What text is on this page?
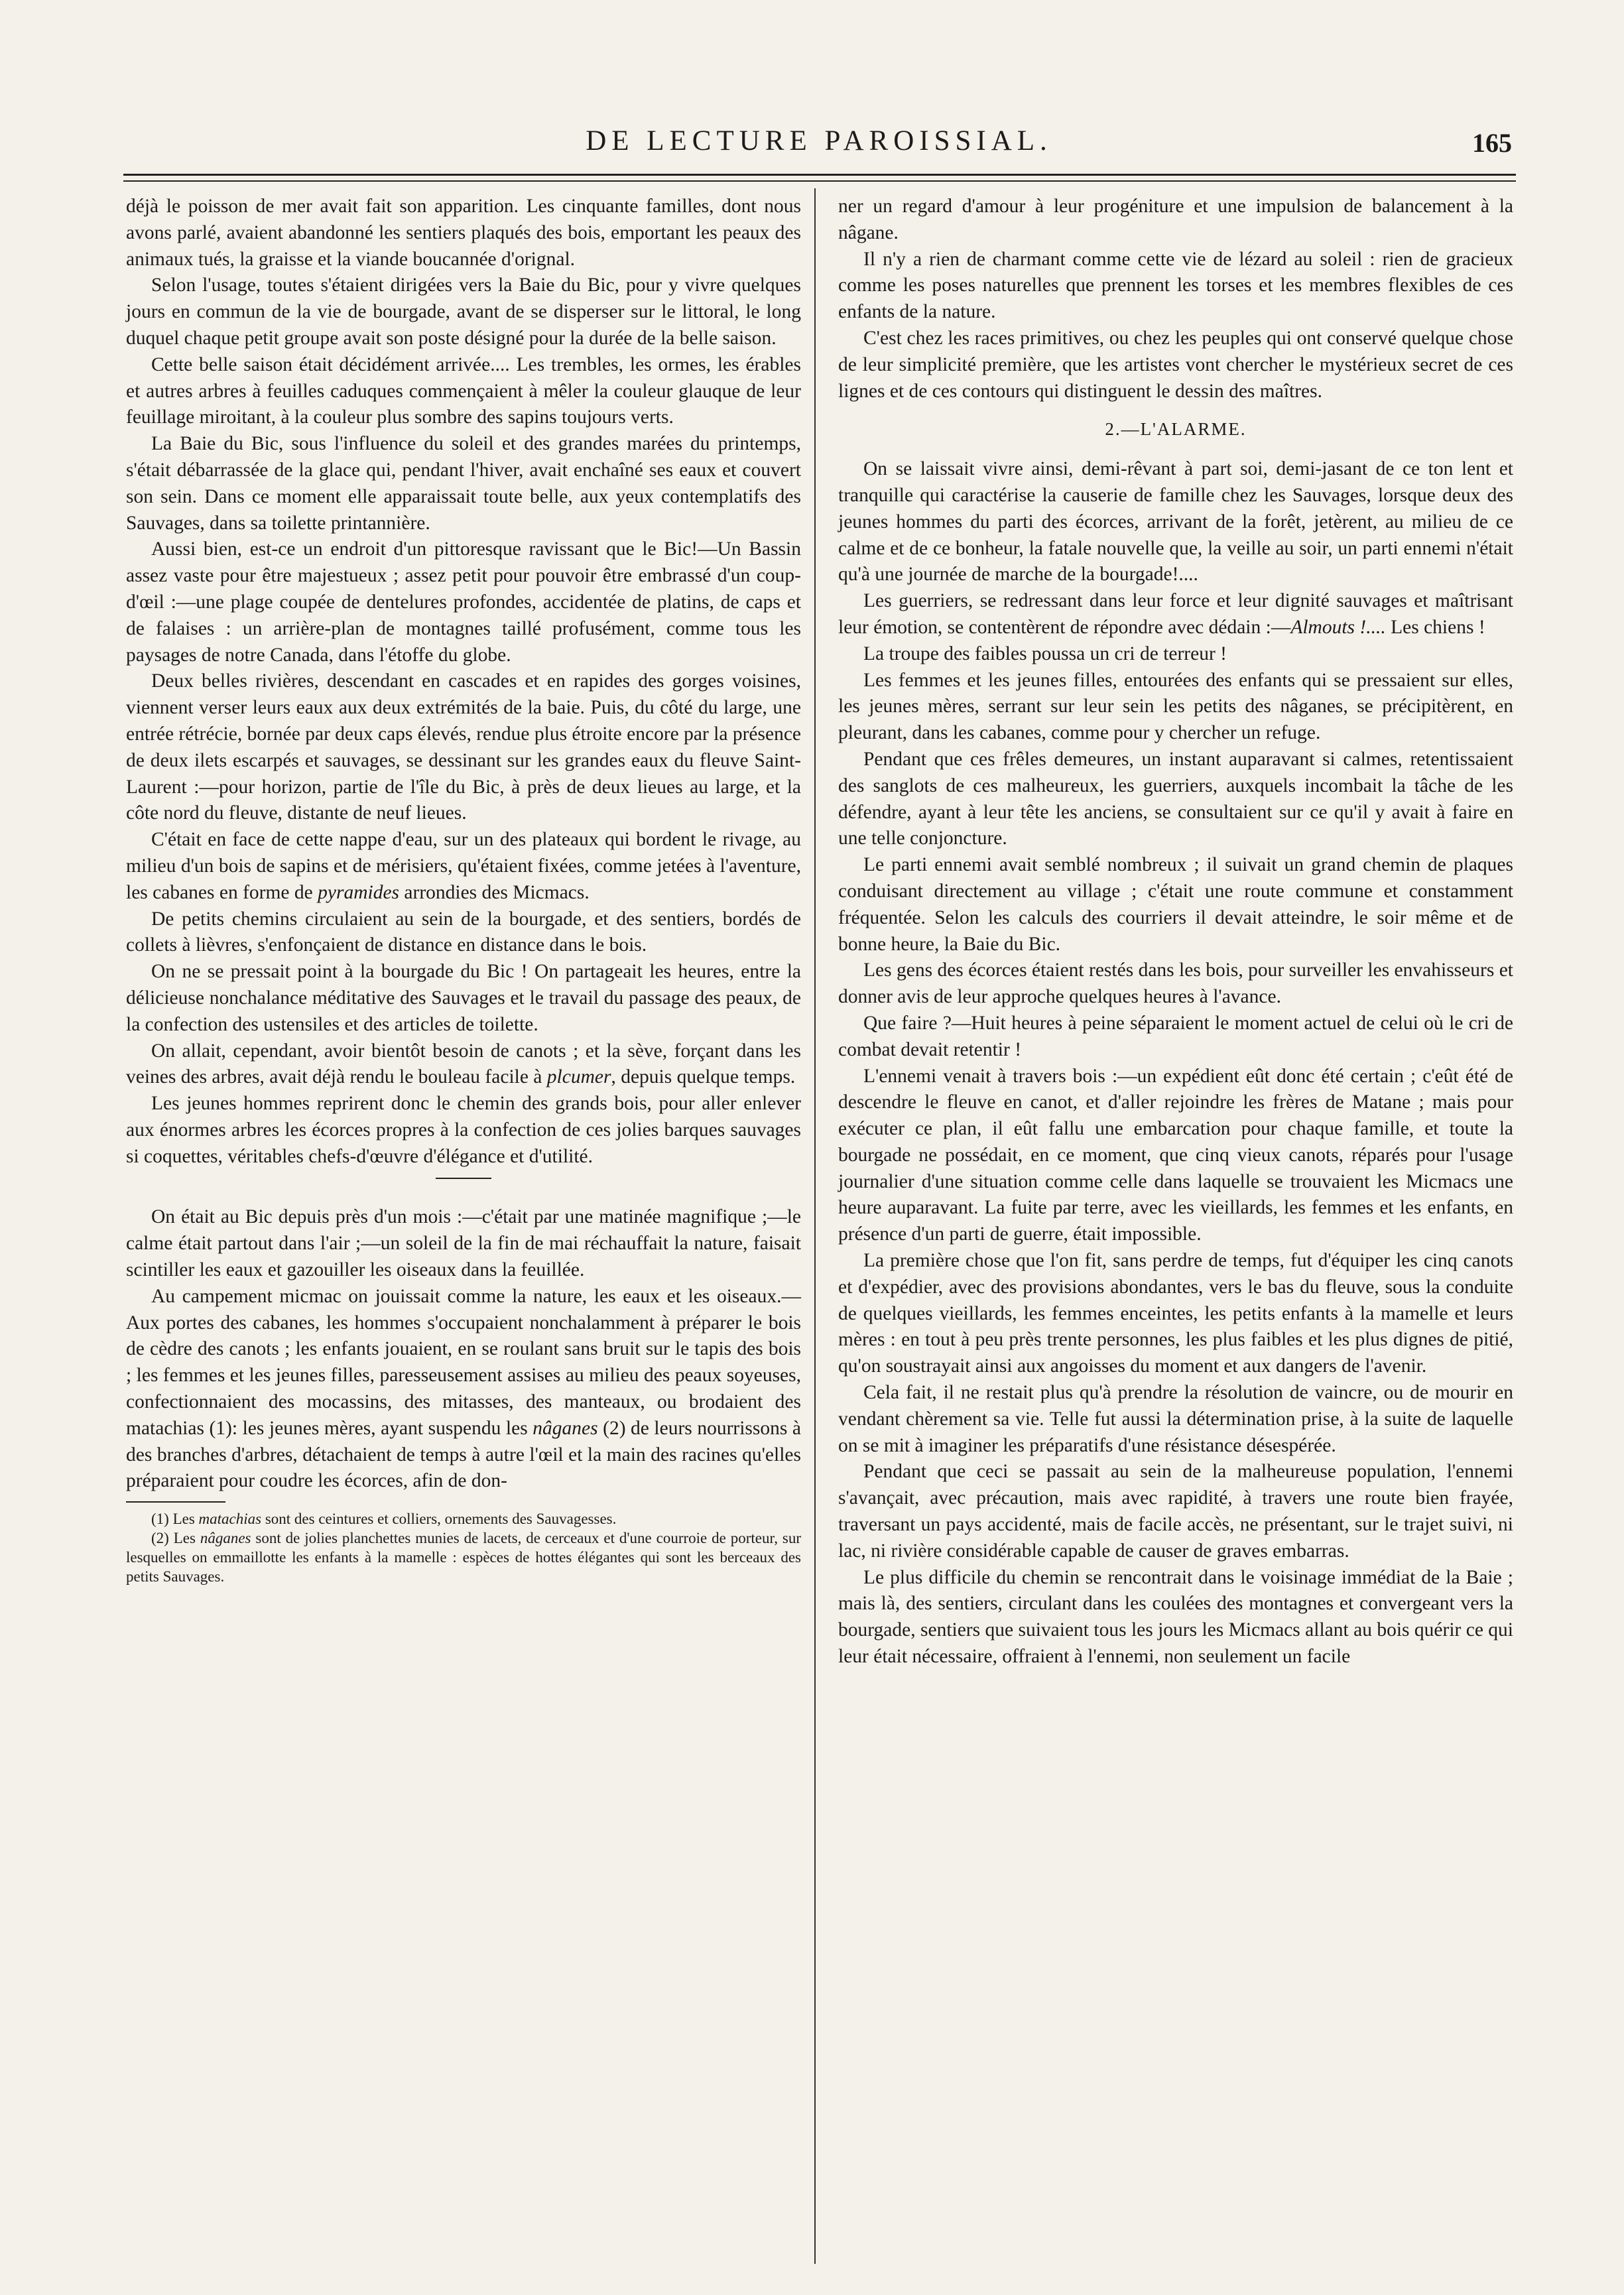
DE LECTURE PAROISSIAL.	165

déjà le poisson de mer avait fait son apparition. Les cinquante familles, dont nous avons parlé, avaient abandonné les sentiers plaqués des bois, emportant les peaux des animaux tués, la graisse et la viande boucannée d'orignal.

Selon l'usage, toutes s'étaient dirigées vers la Baie du Bic, pour y vivre quelques jours en commun de la vie de bourgade, avant de se disperser sur le littoral, le long duquel chaque petit groupe avait son poste désigné pour la durée de la belle saison.

Cette belle saison était décidément arrivée.... Les trembles, les ormes, les érables et autres arbres à feuilles caduques commençaient à mêler la couleur glauque de leur feuillage miroitant, à la couleur plus sombre des sapins toujours verts.

La Baie du Bic, sous l'influence du soleil et des grandes marées du printemps, s'était débarrassée de la glace qui, pendant l'hiver, avait enchaîné ses eaux et couvert son sein. Dans ce moment elle apparaissait toute belle, aux yeux contemplatifs des Sauvages, dans sa toilette printannière.

Aussi bien, est-ce un endroit d'un pittoresque ravissant que le Bic!—Un Bassin assez vaste pour être majestueux ; assez petit pour pouvoir être embrassé d'un coup-d'œil :—une plage coupée de dentelures profondes, accidentée de platins, de caps et de falaises : un arrière-plan de montagnes taillé profusément, comme tous les paysages de notre Canada, dans l'étoffe du globe.

Deux belles rivières, descendant en cascades et en rapides des gorges voisines, viennent verser leurs eaux aux deux extrémités de la baie. Puis, du côté du large, une entrée rétrécie, bornée par deux caps élevés, rendue plus étroite encore par la présence de deux ilets escarpés et sauvages, se dessinant sur les grandes eaux du fleuve Saint-Laurent :—pour horizon, partie de l'île du Bic, à près de deux lieues au large, et la côte nord du fleuve, distante de neuf lieues.

C'était en face de cette nappe d'eau, sur un des plateaux qui bordent le rivage, au milieu d'un bois de sapins et de mérisiers, qu'étaient fixées, comme jetées à l'aventure, les cabanes en forme de pyramides arrondies des Micmacs.

De petits chemins circulaient au sein de la bourgade, et des sentiers, bordés de collets à lièvres, s'enfonçaient de distance en distance dans le bois.

On ne se pressait point à la bourgade du Bic ! On partageait les heures, entre la délicieuse nonchalance méditative des Sauvages et le travail du passage des peaux, de la confection des ustensiles et des articles de toilette.

On allait, cependant, avoir bientôt besoin de canots ; et la sève, forçant dans les veines des arbres, avait déjà rendu le bouleau facile à plcumer, depuis quelque temps.

Les jeunes hommes reprirent donc le chemin des grands bois, pour aller enlever aux énormes arbres les écorces propres à la confection de ces jolies barques sauvages si coquettes, véritables chefs-d'œuvre d'élégance et d'utilité.

On était au Bic depuis près d'un mois :—c'était par une matinée magnifique ;—le calme était partout dans l'air ;—un soleil de la fin de mai réchauffait la nature, faisait scintiller les eaux et gazouiller les oiseaux dans la feuillée.

Au campement micmac on jouissait comme la nature, les eaux et les oiseaux.—Aux portes des cabanes, les hommes s'occupaient nonchalamment à préparer le bois de cèdre des canots ; les enfants jouaient, en se roulant sans bruit sur le tapis des bois ; les femmes et les jeunes filles, paresseusement assises au milieu des peaux soyeuses, confectionnaient des mocassins, des mitasses, des manteaux, ou brodaient des matachias (1): les jeunes mères, ayant suspendu les nâganes (2) de leurs nourrissons à des branches d'arbres, détachaient de temps à autre l'œil et la main des racines qu'elles préparaient pour coudre les écorces, afin de don-

(1) Les matachias sont des ceintures et colliers, ornements des Sauvagesses.

(2) Les nâganes sont de jolies planchettes munies de lacets, de cerceaux et d'une courroie de porteur, sur lesquelles on emmaillotte les enfants à la mamelle : espèces de hottes élégantes qui sont les berceaux des petits Sauvages.

ner un regard d'amour à leur progéniture et une impulsion de balancement à la nâgane.

Il n'y a rien de charmant comme cette vie de lézard au soleil : rien de gracieux comme les poses naturelles que prennent les torses et les membres flexibles de ces enfants de la nature.

C'est chez les races primitives, ou chez les peuples qui ont conservé quelque chose de leur simplicité première, que les artistes vont chercher le mystérieux secret de ces lignes et de ces contours qui distinguent le dessin des maîtres.

2.—L'ALARME.

On se laissait vivre ainsi, demi-rêvant à part soi, demi-jasant de ce ton lent et tranquille qui caractérise la causerie de famille chez les Sauvages, lorsque deux des jeunes hommes du parti des écorces, arrivant de la forêt, jetèrent, au milieu de ce calme et de ce bonheur, la fatale nouvelle que, la veille au soir, un parti ennemi n'était qu'à une journée de marche de la bourgade!....

Les guerriers, se redressant dans leur force et leur dignité sauvages et maîtrisant leur émotion, se contentèrent de répondre avec dédain :—Almouts !.... Les chiens !

La troupe des faibles poussa un cri de terreur !

Les femmes et les jeunes filles, entourées des enfants qui se pressaient sur elles, les jeunes mères, serrant sur leur sein les petits des nâganes, se précipitèrent, en pleurant, dans les cabanes, comme pour y chercher un refuge.

Pendant que ces frêles demeures, un instant auparavant si calmes, retentissaient des sanglots de ces malheureux, les guerriers, auxquels incombait la tâche de les défendre, ayant à leur tête les anciens, se consultaient sur ce qu'il y avait à faire en une telle conjoncture.

Le parti ennemi avait semblé nombreux ; il suivait un grand chemin de plaques conduisant directement au village ; c'était une route commune et constamment fréquentée. Selon les calculs des courriers il devait atteindre, le soir même et de bonne heure, la Baie du Bic.

Les gens des écorces étaient restés dans les bois, pour surveiller les envahisseurs et donner avis de leur approche quelques heures à l'avance.

Que faire ?—Huit heures à peine séparaient le moment actuel de celui où le cri de combat devait retentir !

L'ennemi venait à travers bois :—un expédient eût donc été certain ; c'eût été de descendre le fleuve en canot, et d'aller rejoindre les frères de Matane ; mais pour exécuter ce plan, il eût fallu une embarcation pour chaque famille, et toute la bourgade ne possédait, en ce moment, que cinq vieux canots, réparés pour l'usage journalier d'une situation comme celle dans laquelle se trouvaient les Micmacs une heure auparavant. La fuite par terre, avec les vieillards, les femmes et les enfants, en présence d'un parti de guerre, était impossible.

La première chose que l'on fit, sans perdre de temps, fut d'équiper les cinq canots et d'expédier, avec des provisions abondantes, vers le bas du fleuve, sous la conduite de quelques vieillards, les femmes enceintes, les petits enfants à la mamelle et leurs mères : en tout à peu près trente personnes, les plus faibles et les plus dignes de pitié, qu'on soustrayait ainsi aux angoisses du moment et aux dangers de l'avenir.

Cela fait, il ne restait plus qu'à prendre la résolution de vaincre, ou de mourir en vendant chèrement sa vie. Telle fut aussi la détermination prise, à la suite de laquelle on se mit à imaginer les préparatifs d'une résistance désespérée.

Pendant que ceci se passait au sein de la malheureuse population, l'ennemi s'avançait, avec précaution, mais avec rapidité, à travers une route bien frayée, traversant un pays accidenté, mais de facile accès, ne présentant, sur le trajet suivi, ni lac, ni rivière considérable capable de causer de graves embarras.

Le plus difficile du chemin se rencontrait dans le voisinage immédiat de la Baie ; mais là, des sentiers, circulant dans les coulées des montagnes et convergeant vers la bourgade, sentiers que suivaient tous les jours les Micmacs allant au bois quérir ce qui leur était nécessaire, offraient à l'ennemi, non seulement un facile
